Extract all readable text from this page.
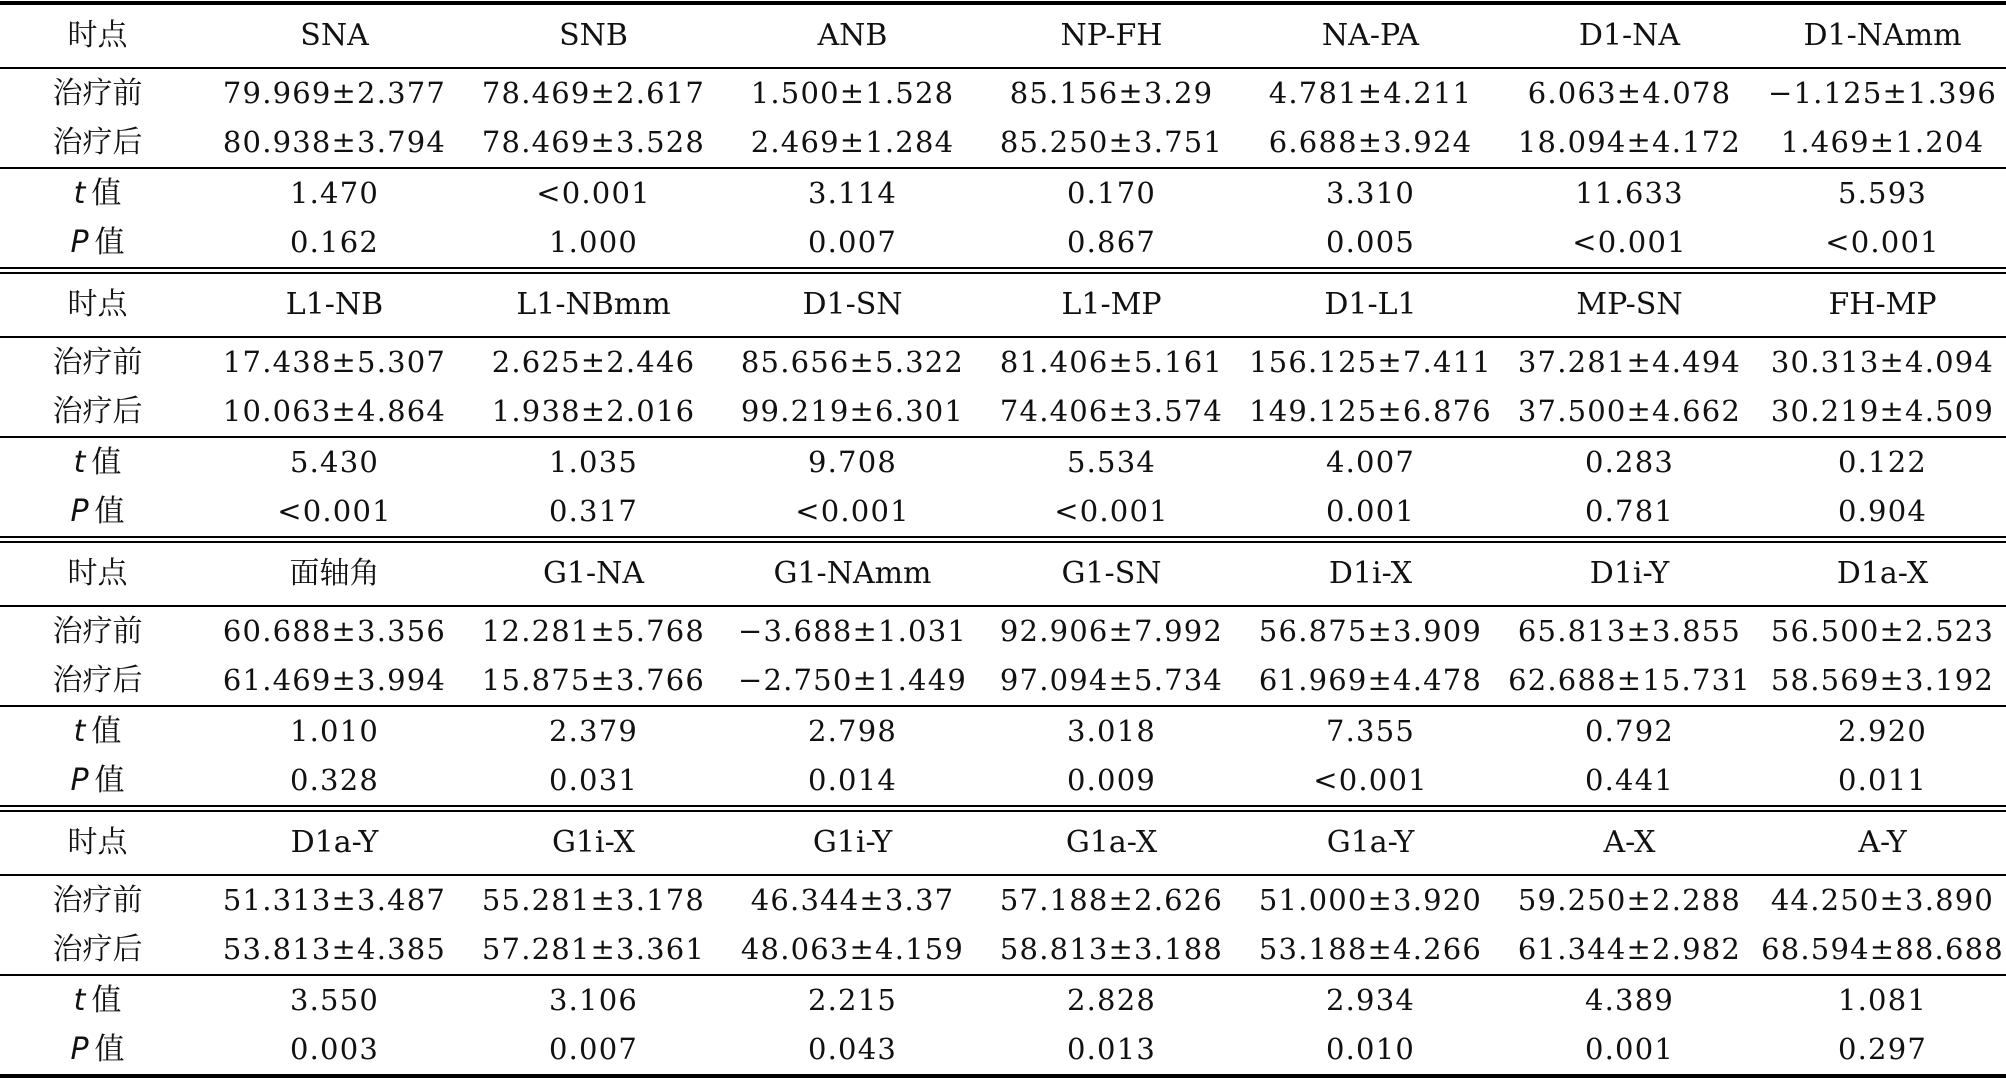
时点	SNA	SNB	ANB	NP-FH	NA-PA	D1-NA	D1-NAmm
治疗前	79.969±2.377	78.469±2.617	1.500±1.528	85.156±3.29	4.781±4.211	6.063±4.078	−1.125±1.396
治疗后	80.938±3.794	78.469±3.528	2.469±1.284	85.250±3.751	6.688±3.924	18.094±4.172	1.469±1.204
t 值	1.470	<0.001	3.114	0.170	3.310	11.633	5.593
P 值	0.162	1.000	0.007	0.867	0.005	<0.001	<0.001
时点	L1-NB	L1-NBmm	D1-SN	L1-MP	D1-L1	MP-SN	FH-MP
治疗前	17.438±5.307	2.625±2.446	85.656±5.322	81.406±5.161 156.125±7.411 37.281±4.494	30.313±4.094
治疗后	10.063±4.864	1.938±2.016	99.219±6.301	74.406±3.574 149.125±6.876 37.500±4.662	30.219±4.509
t 值	5.430	1.035	9.708	5.534	4.007	0.283	0.122
P 值	<0.001	0.317	<0.001	<0.001	0.001	0.781	0.904
时点	面轴角	G1-NA	G1-NAmm	G1-SN	D1i-X	D1i-Y	D1a-X
治疗前	60.688±3.356	12.281±5.768	−3.688±1.031	92.906±7.992	56.875±3.909	65.813±3.855	56.500±2.523
治疗后	61.469±3.994	15.875±3.766	−2.750±1.449	97.094±5.734	61.969±4.478 62.688±15.731 58.569±3.192
t 值	1.010	2.379	2.798	3.018	7.355	0.792	2.920
P 值	0.328	0.031	0.014	0.009	<0.001	0.441	0.011
时点	D1a-Y	G1i-X	G1i-Y	G1a-X	G1a-Y	A-X	A-Y
治疗前	51.313±3.487	55.281±3.178	46.344±3.37	57.188±2.626	51.000±3.920	59.250±2.288	44.250±3.890
治疗后	53.813±4.385	57.281±3.361	48.063±4.159	58.813±3.188	53.188±4.266	61.344±2.982 68.594±88.688
t 值	3.550	3.106	2.215	2.828	2.934	4.389	1.081
P 值	0.003	0.007	0.043	0.013	0.010	0.001	0.297
